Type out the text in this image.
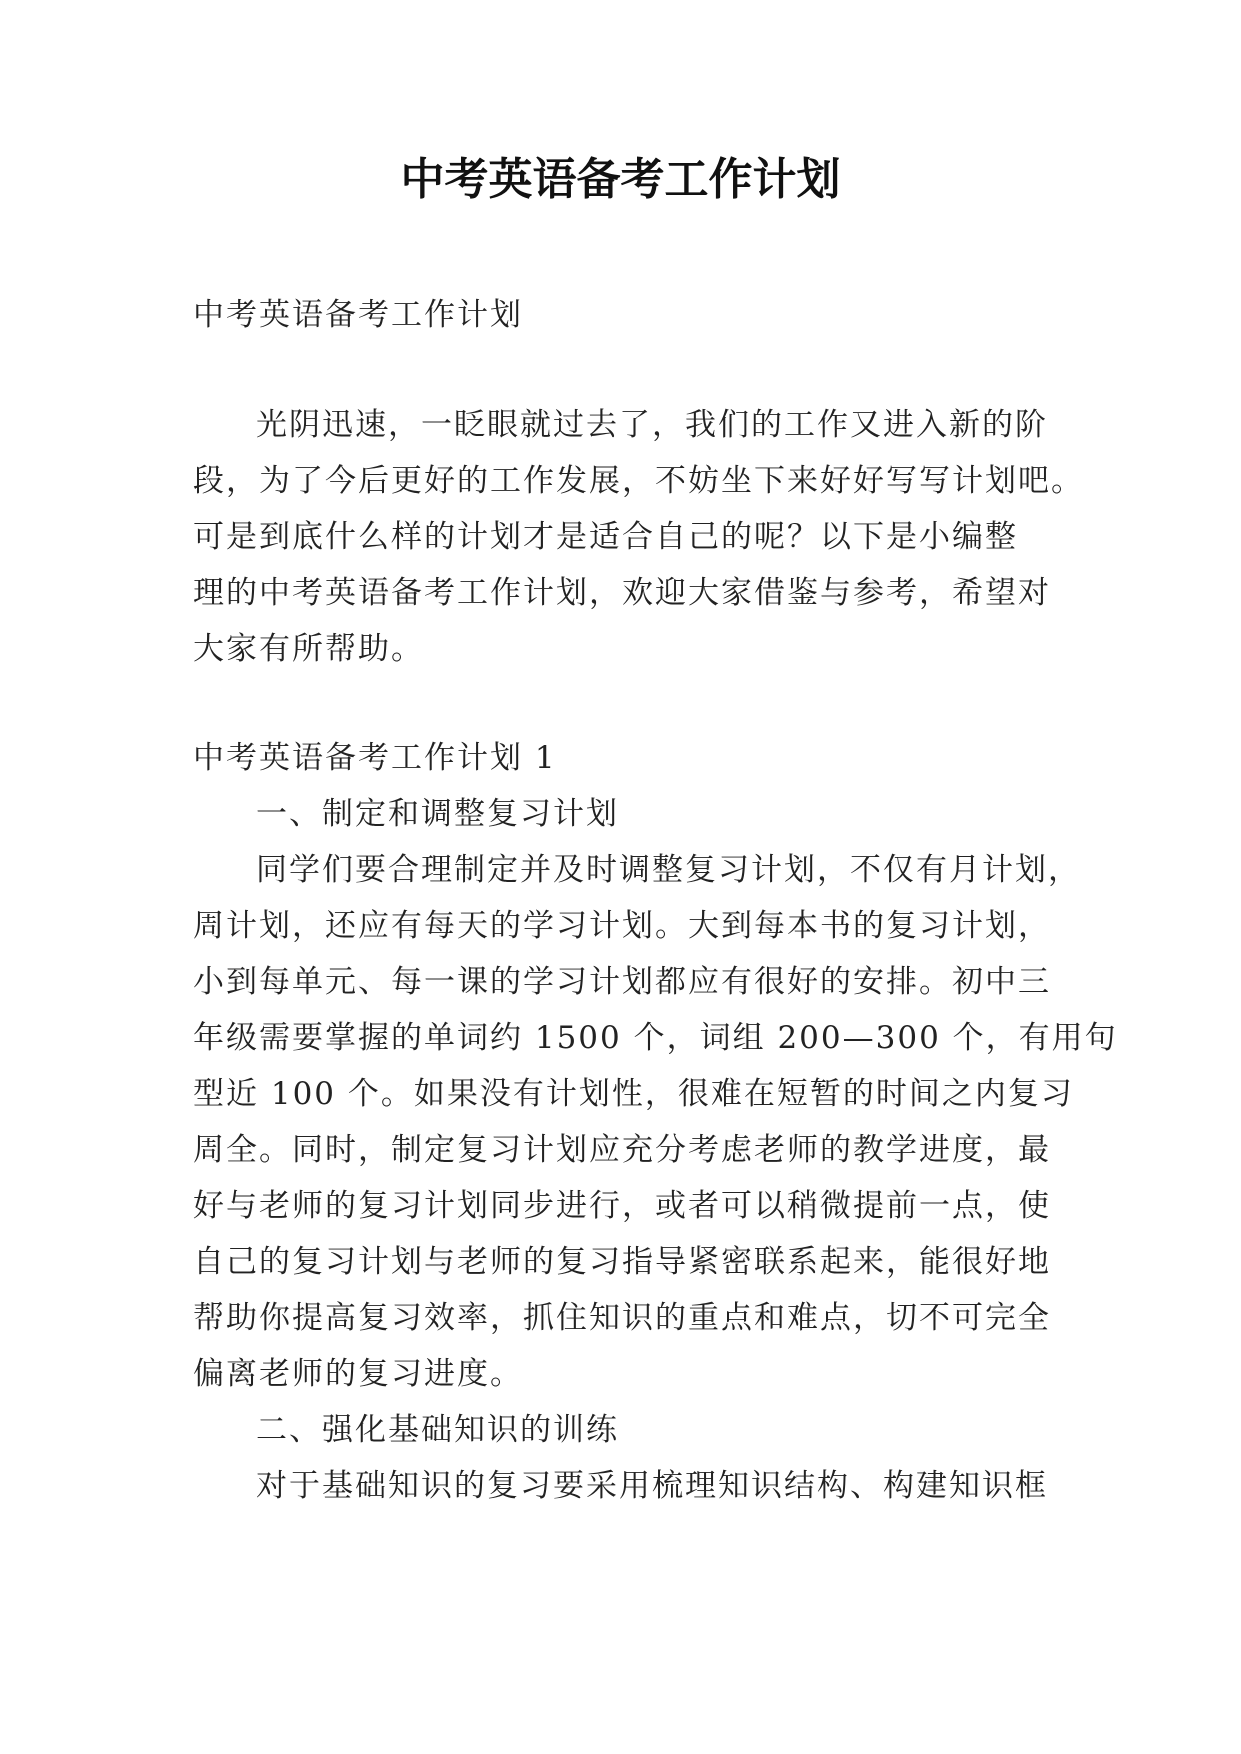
中考英语备考工作计划
中考英语备考工作计划
光阴迅速，一眨眼就过去了，我们的工作又进入新的阶
段，为了今后更好的工作发展，不妨坐下来好好写写计划吧。
可是到底什么样的计划才是适合自己的呢？以下是小编整
理的中考英语备考工作计划，欢迎大家借鉴与参考，希望对
大家有所帮助。
中考英语备考工作计划 1
一、制定和调整复习计划
同学们要合理制定并及时调整复习计划，不仅有月计划，
周计划，还应有每天的学习计划。大到每本书的复习计划，
小到每单元、每一课的学习计划都应有很好的安排。初中三
年级需要掌握的单词约 1500 个，词组 200—300 个，有用句
型近 100 个。如果没有计划性，很难在短暂的时间之内复习
周全。同时，制定复习计划应充分考虑老师的教学进度，最
好与老师的复习计划同步进行，或者可以稍微提前一点，使
自己的复习计划与老师的复习指导紧密联系起来，能很好地
帮助你提高复习效率，抓住知识的重点和难点，切不可完全
偏离老师的复习进度。
二、强化基础知识的训练
对于基础知识的复习要采用梳理知识结构、构建知识框
